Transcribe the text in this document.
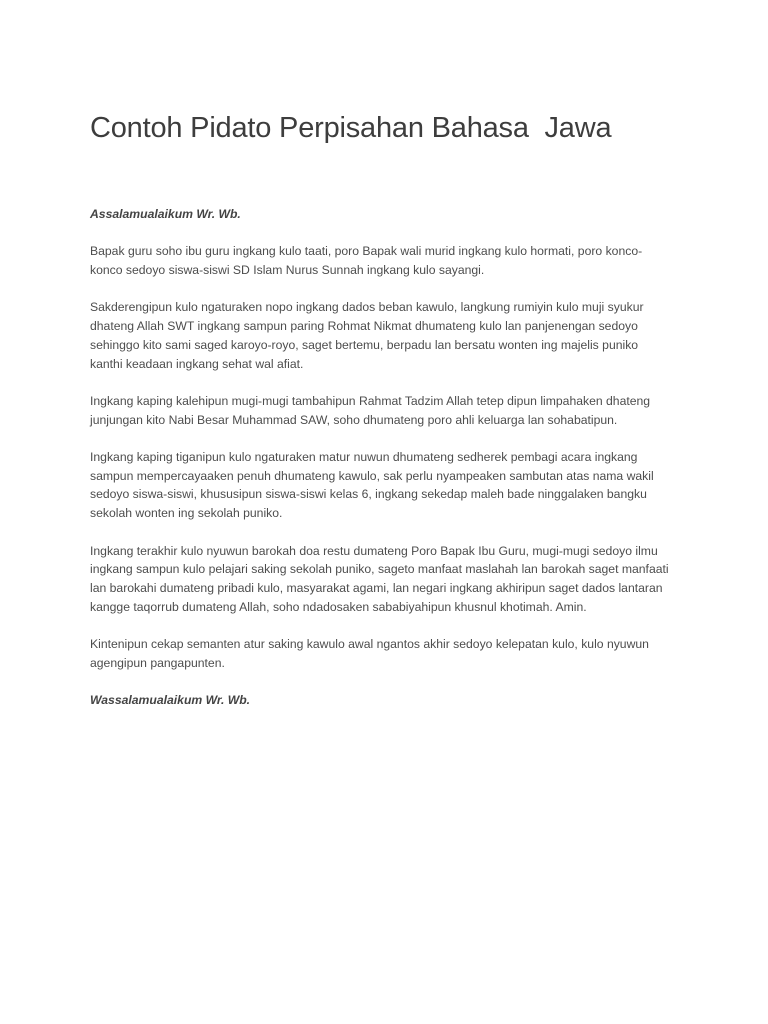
Contoh Pidato Perpisahan Bahasa  Jawa

Assalamualaikum Wr. Wb.

Bapak guru soho ibu guru ingkang kulo taati, poro Bapak wali murid ingkang kulo hormati, poro konco-konco sedoyo siswa-siswi SD Islam Nurus Sunnah ingkang kulo sayangi.

Sakderengipun kulo ngaturaken nopo ingkang dados beban kawulo, langkung rumiyin kulo muji syukur dhateng Allah SWT ingkang sampun paring Rohmat Nikmat dhumateng kulo lan panjenengan sedoyo sehinggo kito sami saged karoyo-royo, saget bertemu, berpadu lan bersatu wonten ing majelis puniko kanthi keadaan ingkang sehat wal afiat.

Ingkang kaping kalehipun mugi-mugi tambahipun Rahmat Tadzim Allah tetep dipun limpahaken dhateng junjungan kito Nabi Besar Muhammad SAW, soho dhumateng poro ahli keluarga lan sohabatipun.

Ingkang kaping tiganipun kulo ngaturaken matur nuwun dhumateng sedherek pembagi acara ingkang sampun mempercayaaken penuh dhumateng kawulo, sak perlu nyampeaken sambutan atas nama wakil sedoyo siswa-siswi, khususipun siswa-siswi kelas 6, ingkang sekedap maleh bade ninggalaken bangku sekolah wonten ing sekolah puniko.

Ingkang terakhir kulo nyuwun barokah doa restu dumateng Poro Bapak Ibu Guru, mugi-mugi sedoyo ilmu ingkang sampun kulo pelajari saking sekolah puniko, sageto manfaat maslahah lan barokah saget manfaati lan barokahi dumateng pribadi kulo, masyarakat agami, lan negari ingkang akhiripun saget dados lantaran kangge taqorrub dumateng Allah, soho ndadosaken sababiyahipun khusnul khotimah. Amin.

Kintenipun cekap semanten atur saking kawulo awal ngantos akhir sedoyo kelepatan kulo, kulo nyuwun agengipun pangapunten.

Wassalamualaikum Wr. Wb.
